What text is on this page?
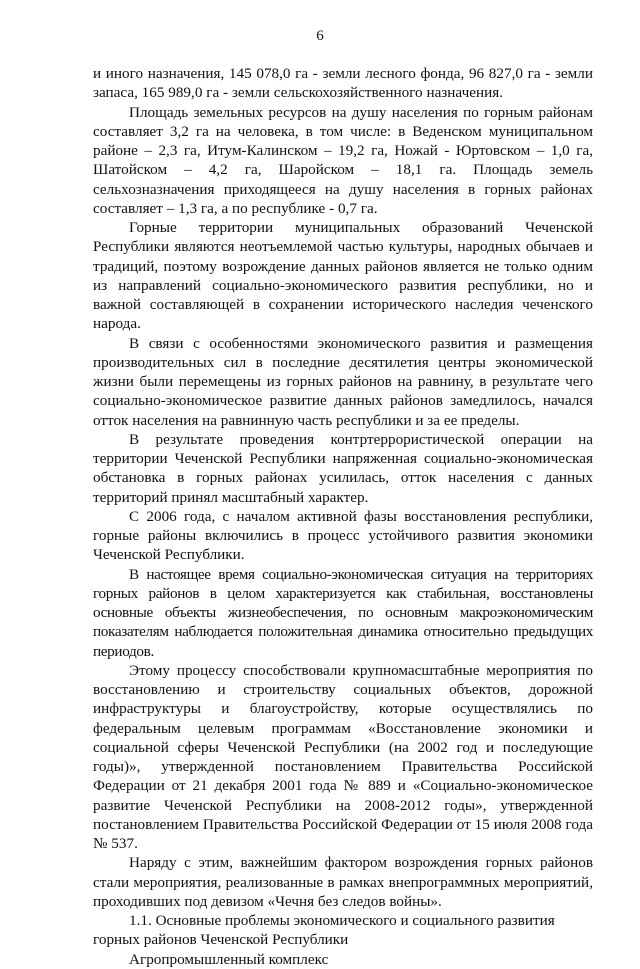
6

и иного назначения, 145 078,0 га - земли лесного фонда, 96 827,0 га - земли запаса, 165 989,0 га - земли сельскохозяйственного назначения.

Площадь земельных ресурсов на душу населения по горным районам составляет 3,2 га на человека, в том числе: в Веденском муниципальном районе – 2,3 га, Итум-Калинском – 19,2 га, Ножай - Юртовском – 1,0 га, Шатойском – 4,2 га, Шаройском – 18,1 га. Площадь земель сельхозназначения приходящееся на душу населения в горных районах составляет – 1,3 га, а по республике - 0,7 га.

Горные территории муниципальных образований Чеченской Республики являются неотъемлемой частью культуры, народных обычаев и традиций, поэтому возрождение данных районов является не только одним из направлений социально-экономического развития республики, но и важной составляющей в сохранении исторического наследия чеченского народа.

В связи с особенностями экономического развития и размещения производительных сил в последние десятилетия центры экономической жизни были перемещены из горных районов на равнину, в результате чего социально-экономическое развитие данных районов замедлилось, начался отток населения на равнинную часть республики и за ее пределы.

В результате проведения контртеррористической операции на территории Чеченской Республики напряженная социально-экономическая обстановка в горных районах усилилась, отток населения с данных территорий принял масштабный характер.

С 2006 года, с началом активной фазы восстановления республики, горные районы включились в процесс устойчивого развития экономики Чеченской Республики.

В настоящее время социально-экономическая ситуация на территориях горных районов в целом характеризуется как стабильная, восстановлены основные объекты жизнеобеспечения, по основным макроэкономическим показателям наблюдается положительная динамика относительно предыдущих периодов.

Этому процессу способствовали крупномасштабные мероприятия по восстановлению и строительству социальных объектов, дорожной инфраструктуры и благоустройству, которые осуществлялись по федеральным целевым программам «Восстановление экономики и социальной сферы Чеченской Республики (на 2002 год и последующие годы)», утвержденной постановлением Правительства Российской Федерации от 21 декабря 2001 года № 889 и «Социально-экономическое развитие Чеченской Республики на 2008-2012 годы», утвержденной постановлением Правительства Российской Федерации от 15 июля 2008 года № 537.

Наряду с этим, важнейшим фактором возрождения горных районов стали мероприятия, реализованные в рамках внепрограммных мероприятий, проходивших под девизом «Чечня без следов войны».

1.1. Основные проблемы экономического и социального развития горных районов Чеченской Республики

Агропромышленный комплекс
